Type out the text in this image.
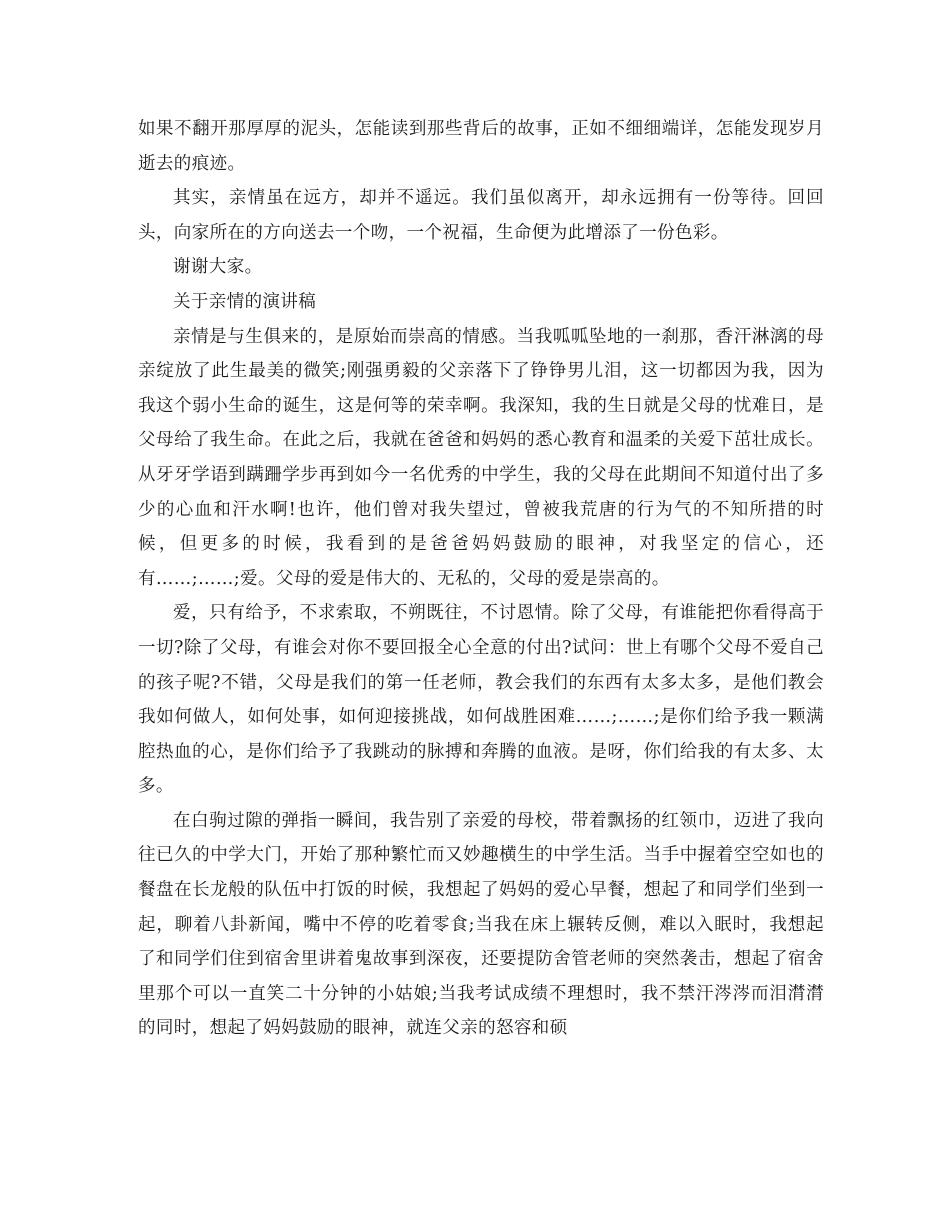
如果不翻开那厚厚的泥头，怎能读到那些背后的故事，正如不细细端详，怎能发现岁月逝去的痕迹。

其实，亲情虽在远方，却并不遥远。我们虽似离开，却永远拥有一份等待。回回头，向家所在的方向送去一个吻，一个祝福，生命便为此增添了一份色彩。

谢谢大家。

关于亲情的演讲稿

亲情是与生俱来的，是原始而崇高的情感。当我呱呱坠地的一刹那，香汗淋漓的母亲绽放了此生最美的微笑;刚强勇毅的父亲落下了铮铮男儿泪，这一切都因为我，因为我这个弱小生命的诞生，这是何等的荣幸啊。我深知，我的生日就是父母的忧难日，是父母给了我生命。在此之后，我就在爸爸和妈妈的悉心教育和温柔的关爱下茁壮成长。从牙牙学语到蹒跚学步再到如今一名优秀的中学生，我的父母在此期间不知道付出了多少的心血和汗水啊!也许，他们曾对我失望过，曾被我荒唐的行为气的不知所措的时候，但更多的时候，我看到的是爸爸妈妈鼓励的眼神，对我坚定的信心，还有……;……;爱。父母的爱是伟大的、无私的，父母的爱是崇高的。

爱，只有给予，不求索取，不朔既往，不讨恩情。除了父母，有谁能把你看得高于一切?除了父母，有谁会对你不要回报全心全意的付出?试问：世上有哪个父母不爱自己的孩子呢?不错，父母是我们的第一任老师，教会我们的东西有太多太多，是他们教会我如何做人，如何处事，如何迎接挑战，如何战胜困难……;……;是你们给予我一颗满腔热血的心，是你们给予了我跳动的脉搏和奔腾的血液。是呀，你们给我的有太多、太多。

在白驹过隙的弹指一瞬间，我告别了亲爱的母校，带着飘扬的红领巾，迈进了我向往已久的中学大门，开始了那种繁忙而又妙趣横生的中学生活。当手中握着空空如也的餐盘在长龙般的队伍中打饭的时候，我想起了妈妈的爱心早餐，想起了和同学们坐到一起，聊着八卦新闻，嘴中不停的吃着零食;当我在床上辗转反侧，难以入眠时，我想起了和同学们住到宿舍里讲着鬼故事到深夜，还要提防舍管老师的突然袭击，想起了宿舍里那个可以一直笑二十分钟的小姑娘;当我考试成绩不理想时，我不禁汗涔涔而泪潸潸的同时，想起了妈妈鼓励的眼神，就连父亲的怒容和硕
